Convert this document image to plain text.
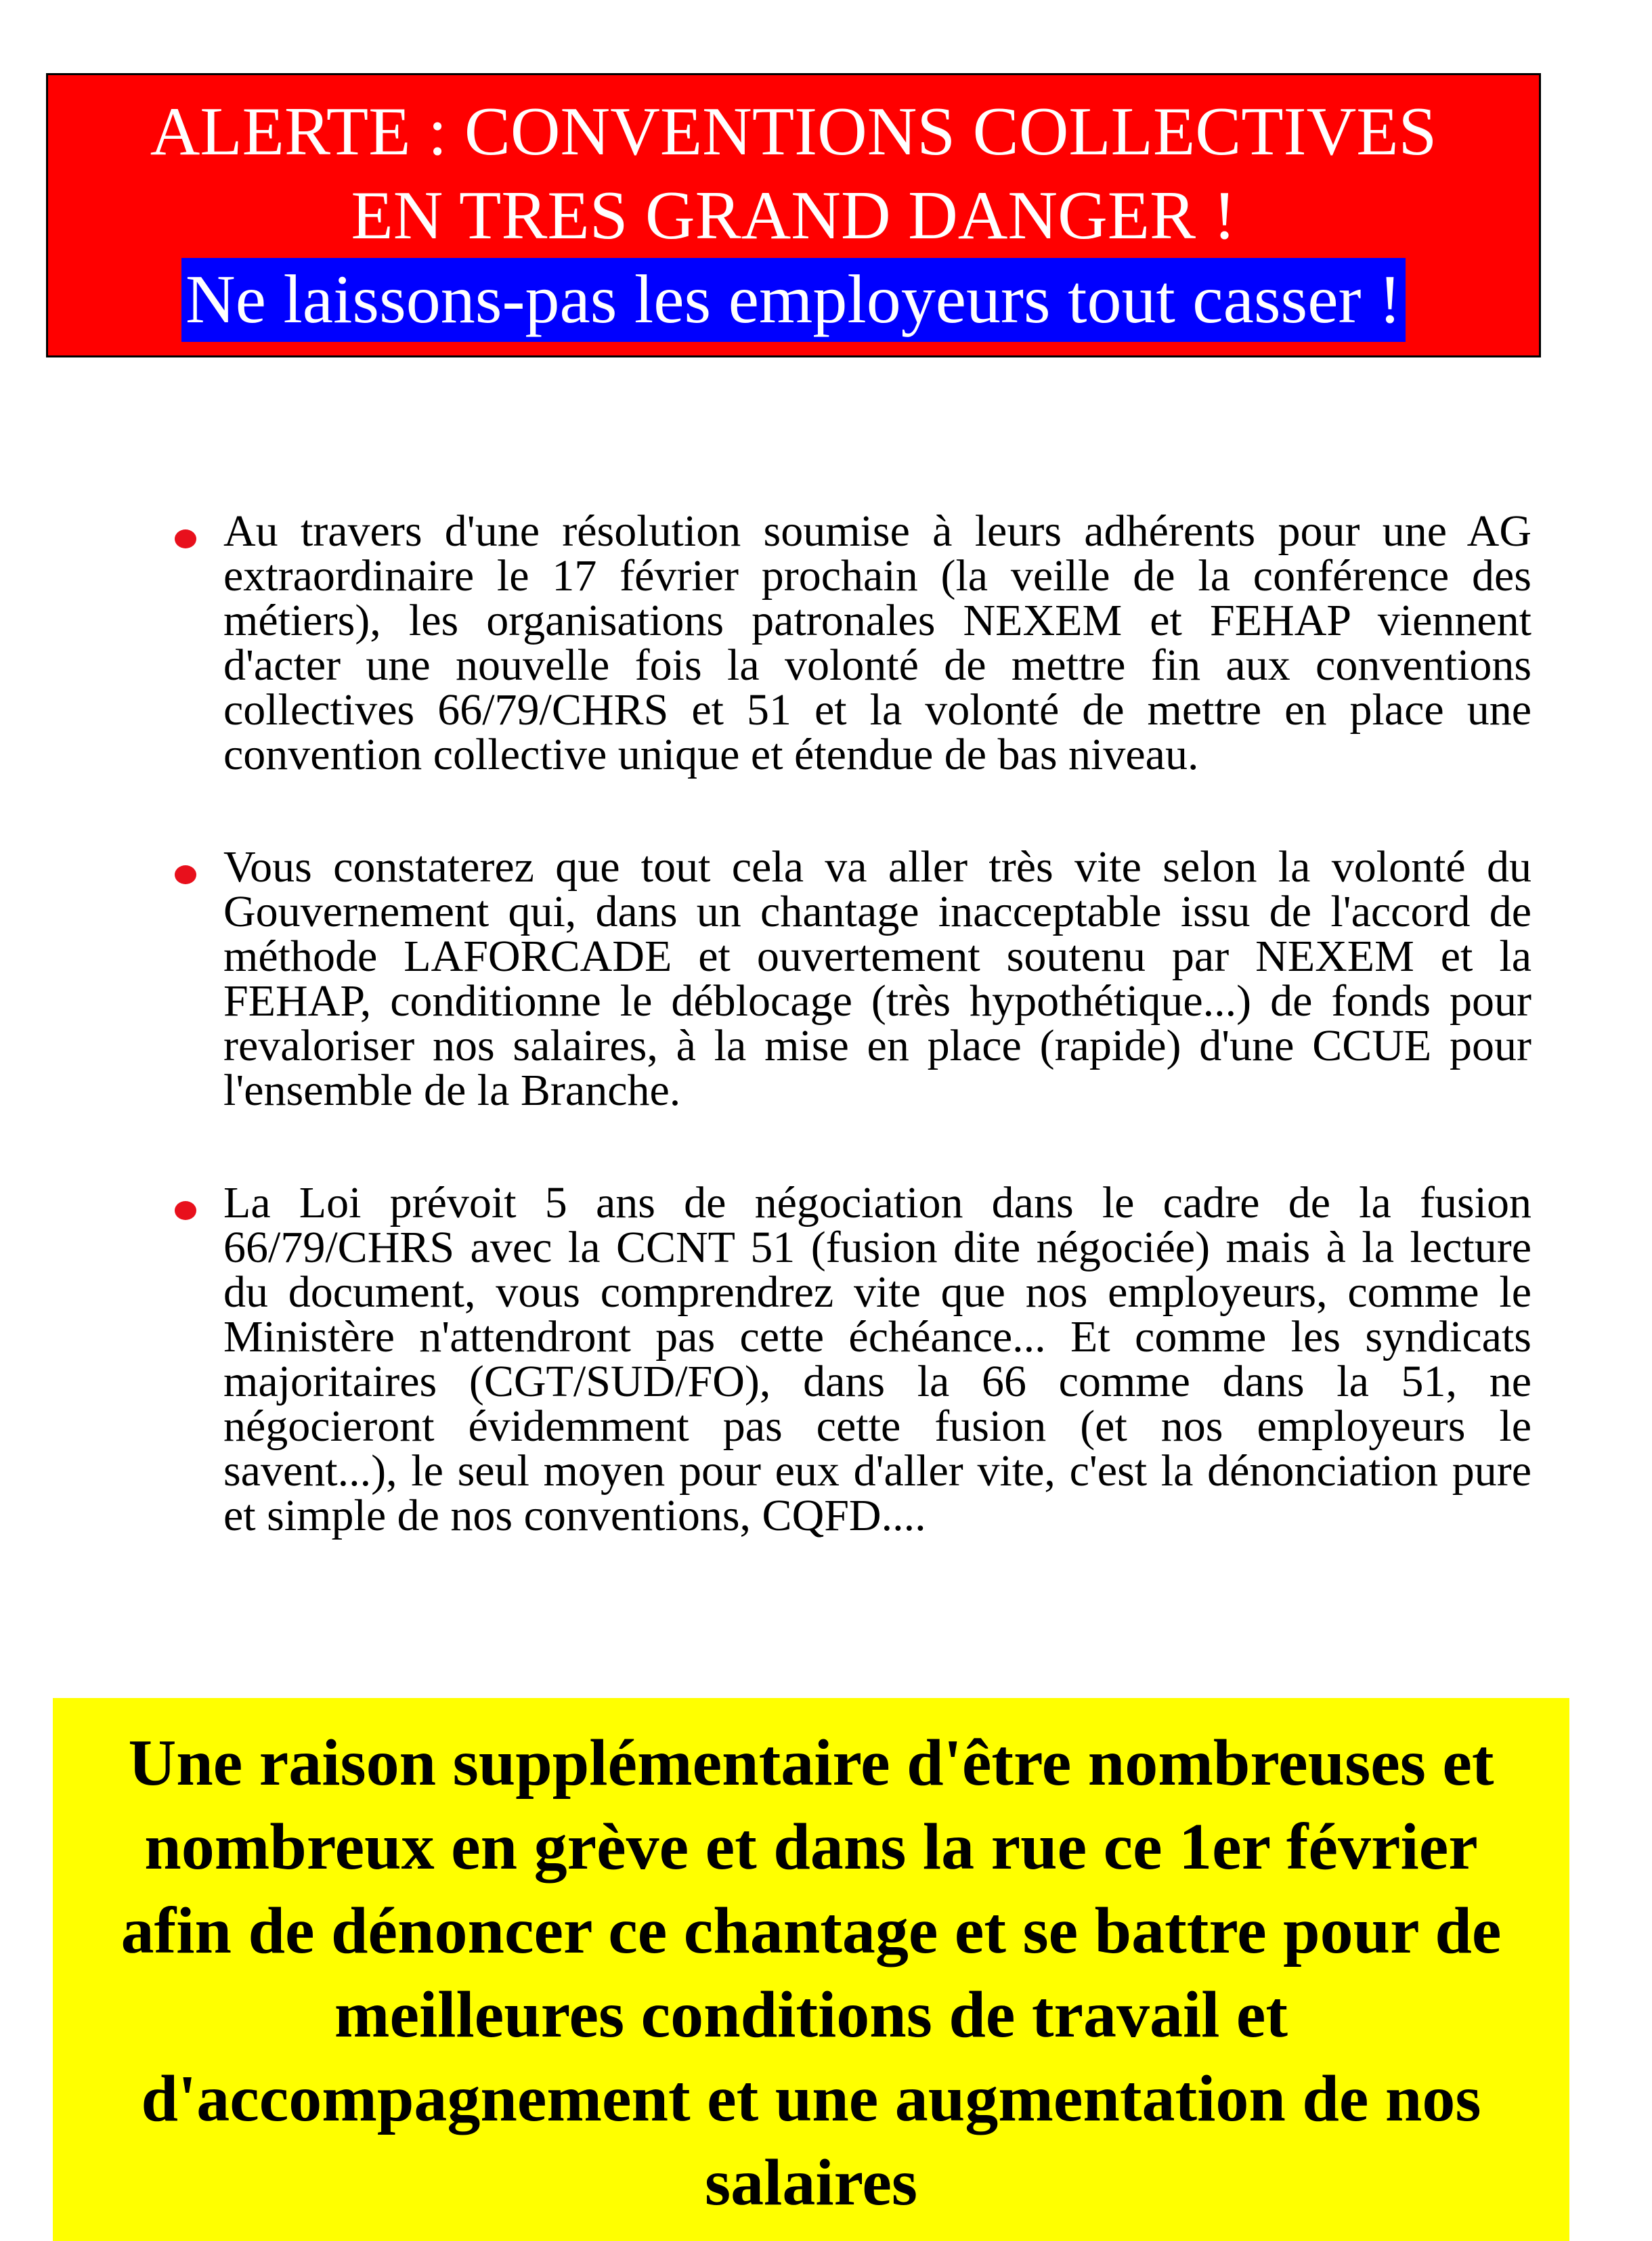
ALERTE : CONVENTIONS COLLECTIVES
EN TRES GRAND DANGER !
Ne laissons-pas les employeurs tout casser !

Au travers d'une résolution soumise à leurs adhérents pour une AG extraordinaire le 17 février prochain (la veille de la conférence des métiers), les organisations patronales NEXEM et FEHAP viennent d'acter une nouvelle fois la volonté de mettre fin aux conventions collectives 66/79/CHRS et 51 et la volonté de mettre en place une convention collective unique et étendue de bas niveau.

Vous constaterez que tout cela va aller très vite selon la volonté du Gouvernement qui, dans un chantage inacceptable issu de l'accord de méthode LAFORCADE et ouvertement soutenu par NEXEM et la FEHAP, conditionne le déblocage (très hypothétique...) de fonds pour revaloriser nos salaires, à la mise en place (rapide) d'une CCUE pour l'ensemble de la Branche.

La Loi prévoit 5 ans de négociation dans le cadre de la fusion 66/79/CHRS avec la CCNT 51 (fusion dite négociée) mais à la lecture du document, vous comprendrez vite que nos employeurs, comme le Ministère n'attendront pas cette échéance... Et comme les syndicats majoritaires (CGT/SUD/FO), dans la 66 comme dans la 51, ne négocieront évidemment pas cette fusion (et nos employeurs le savent...), le seul moyen pour eux d'aller vite, c'est la dénonciation pure et simple de nos conventions, CQFD....

Une raison supplémentaire d'être nombreuses et nombreux en grève et dans la rue ce 1er février afin de dénoncer ce chantage et se battre pour de meilleures conditions de travail et d'accompagnement et une augmentation de nos salaires
